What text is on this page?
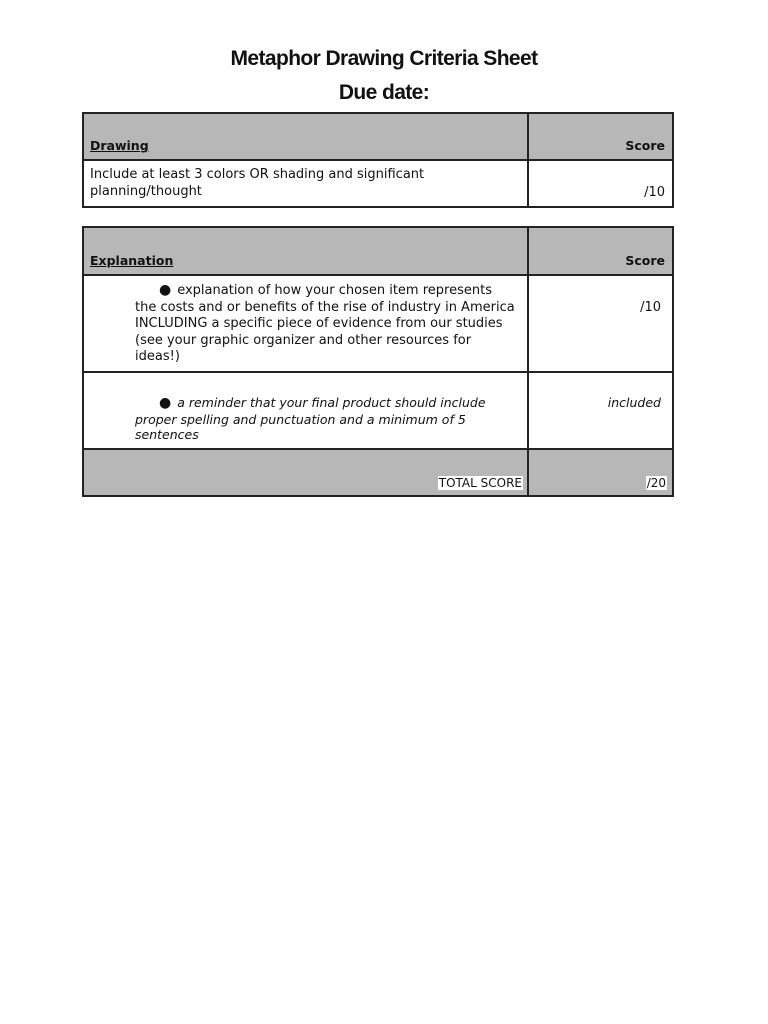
Metaphor Drawing Criteria Sheet
Due date:
Drawing	Score

Include at least 3 colors OR shading and significant planning/thought	/10
Explanation	Score

● explanation of how your chosen item represents the costs and or benefits of the rise of industry in America INCLUDING a specific piece of evidence from our studies (see your graphic organizer and other resources for ideas!)	/10

● a reminder that your final product should include proper spelling and punctuation and a minimum of 5 sentences	included

TOTAL SCORE	/20
